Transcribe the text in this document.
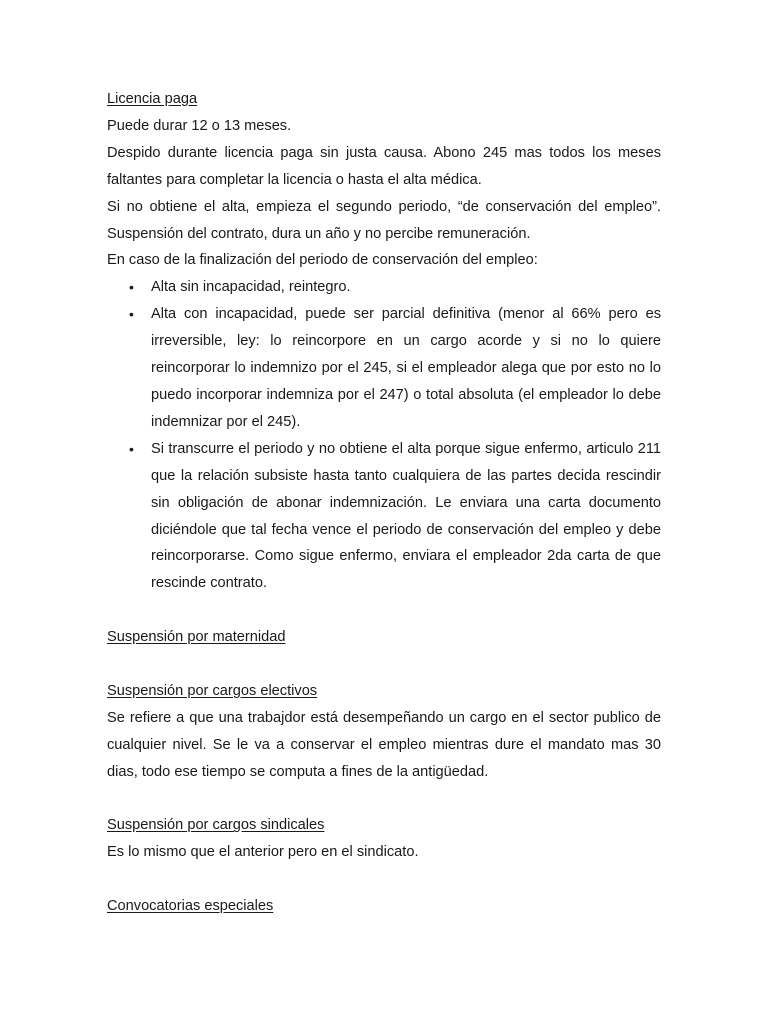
Licencia paga

Puede durar 12 o 13 meses.

Despido durante licencia paga sin justa causa. Abono 245 mas todos los meses faltantes para completar la licencia o hasta el alta médica.

Si no obtiene el alta, empieza el segundo periodo, “de conservación del empleo”. Suspensión del contrato, dura un año y no percibe remuneración.

En caso de la finalización del periodo de conservación del empleo:

• Alta sin incapacidad, reintegro.
• Alta con incapacidad, puede ser parcial definitiva (menor al 66% pero es irreversible, ley: lo reincorpore en un cargo acorde y si no lo quiere reincorporar lo indemnizo por el 245, si el empleador alega que por esto no lo puedo incorporar indemniza por el 247) o total absoluta (el empleador lo debe indemnizar por el 245).
• Si transcurre el periodo y no obtiene el alta porque sigue enfermo, articulo 211 que la relación subsiste hasta tanto cualquiera de las partes decida rescindir sin obligación de abonar indemnización. Le enviara una carta documento diciéndole que tal fecha vence el periodo de conservación del empleo y debe reincorporarse. Como sigue enfermo, enviara el empleador 2da carta de que rescinde contrato.

Suspensión por maternidad

Suspensión por cargos electivos

Se refiere a que una trabajdor está desempeñando un cargo en el sector publico de cualquier nivel. Se le va a conservar el empleo mientras dure el mandato mas 30 dias, todo ese tiempo se computa a fines de la antigüedad.

Suspensión por cargos sindicales

Es lo mismo que el anterior pero en el sindicato.

Convocatorias especiales
